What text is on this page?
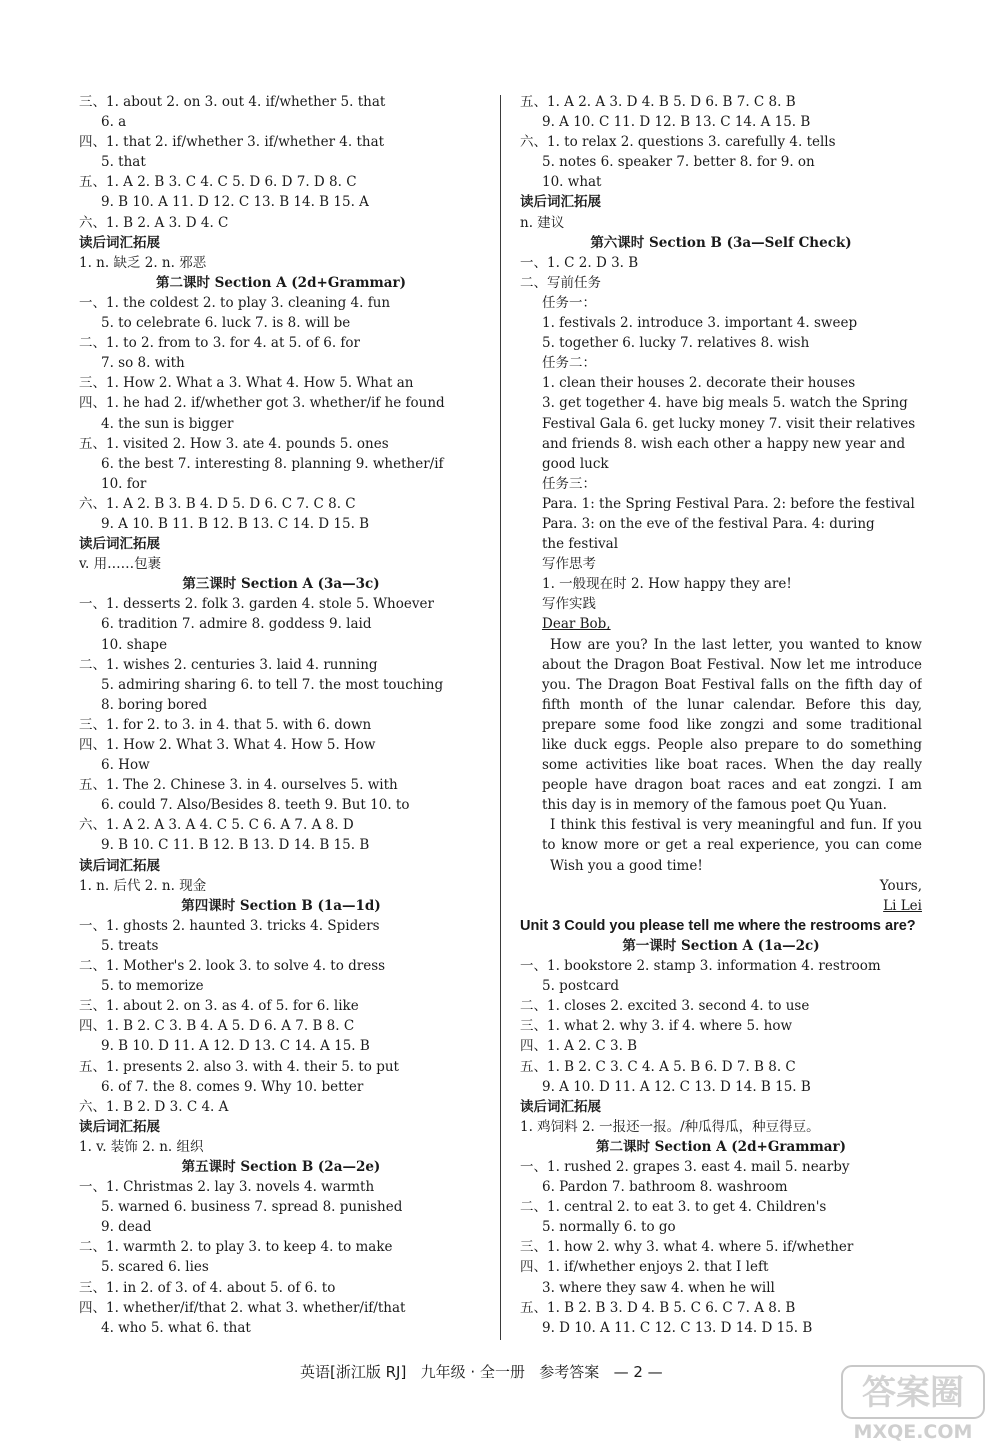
三、1. about 2. on 3. out 4. if/whether 5. that
6. a
四、1. that 2. if/whether 3. if/whether 4. that
5. that
五、1. A 2. B 3. C 4. C 5. D 6. D 7. D 8. C
9. B 10. A 11. D 12. C 13. B 14. B 15. A
六、1. B 2. A 3. D 4. C
读后词汇拓展
1. n. 缺乏 2. n. 邪恶
第二课时 Section A (2d+Grammar)
一、1. the coldest 2. to play 3. cleaning 4. fun
5. to celebrate 6. luck 7. is 8. will be
二、1. to 2. from to 3. for 4. at 5. of 6. for
7. so 8. with
三、1. How 2. What a 3. What 4. How 5. What an
四、1. he had 2. if/whether got 3. whether/if he found
4. the sun is bigger
五、1. visited 2. How 3. ate 4. pounds 5. ones
6. the best 7. interesting 8. planning 9. whether/if
10. for
六、1. A 2. B 3. B 4. D 5. D 6. C 7. C 8. C
9. A 10. B 11. B 12. B 13. C 14. D 15. B
读后词汇拓展
v. 用……包裹
第三课时 Section A (3a—3c)
一、1. desserts 2. folk 3. garden 4. stole 5. Whoever
6. tradition 7. admire 8. goddess 9. laid
10. shape
二、1. wishes 2. centuries 3. laid 4. running
5. admiring sharing 6. to tell 7. the most touching
8. boring bored
三、1. for 2. to 3. in 4. that 5. with 6. down
四、1. How 2. What 3. What 4. How 5. How
6. How
五、1. The 2. Chinese 3. in 4. ourselves 5. with
6. could 7. Also/Besides 8. teeth 9. But 10. to
六、1. A 2. A 3. A 4. C 5. C 6. A 7. A 8. D
9. B 10. C 11. B 12. B 13. D 14. B 15. B
读后词汇拓展
1. n. 后代 2. n. 现金
第四课时 Section B (1a—1d)
一、1. ghosts 2. haunted 3. tricks 4. Spiders
5. treats
二、1. Mother's 2. look 3. to solve 4. to dress
5. to memorize
三、1. about 2. on 3. as 4. of 5. for 6. like
四、1. B 2. C 3. B 4. A 5. D 6. A 7. B 8. C
9. B 10. D 11. A 12. D 13. C 14. A 15. B
五、1. presents 2. also 3. with 4. their 5. to put
6. of 7. the 8. comes 9. Why 10. better
六、1. B 2. D 3. C 4. A
读后词汇拓展
1. v. 装饰 2. n. 组织
第五课时 Section B (2a—2e)
一、1. Christmas 2. lay 3. novels 4. warmth
5. warned 6. business 7. spread 8. punished
9. dead
二、1. warmth 2. to play 3. to keep 4. to make
5. scared 6. lies
三、1. in 2. of 3. of 4. about 5. of 6. to
四、1. whether/if/that 2. what 3. whether/if/that
4. who 5. what 6. that
五、1. A 2. A 3. D 4. B 5. D 6. B 7. C 8. B
9. A 10. C 11. D 12. B 13. C 14. A 15. B
六、1. to relax 2. questions 3. carefully 4. tells
5. notes 6. speaker 7. better 8. for 9. on
10. what
读后词汇拓展
n. 建议
第六课时 Section B (3a—Self Check)
一、1. C 2. D 3. B
二、写前任务
任务一：
1. festivals 2. introduce 3. important 4. sweep
5. together 6. lucky 7. relatives 8. wish
任务二：
1. clean their houses 2. decorate their houses
3. get together 4. have big meals 5. watch the Spring
Festival Gala 6. get lucky money 7. visit their relatives
and friends 8. wish each other a happy new year and
good luck
任务三：
Para. 1: the Spring Festival Para. 2: before the festival
Para. 3: on the eve of the festival Para. 4: during
the festival
写作思考
1. 一般现在时 2. How happy they are!
写作实践
Dear Bob,
How are you? In the last letter, you wanted to know
about the Dragon Boat Festival. Now let me introduce
you. The Dragon Boat Festival falls on the fifth day of
fifth month of the lunar calendar. Before this day,
prepare some food like zongzi and some traditional
like duck eggs. People also prepare to do something
some activities like boat races. When the day really
people have dragon boat races and eat zongzi. I am
this day is in memory of the famous poet Qu Yuan.
I think this festival is very meaningful and fun. If you
to know more or get a real experience, you can come
Wish you a good time!
Yours,
Li Lei
Unit 3 Could you please tell me where the restrooms are?
第一课时 Section A (1a—2c)
一、1. bookstore 2. stamp 3. information 4. restroom
5. postcard
二、1. closes 2. excited 3. second 4. to use
三、1. what 2. why 3. if 4. where 5. how
四、1. A 2. C 3. B
五、1. B 2. C 3. C 4. A 5. B 6. D 7. B 8. C
9. A 10. D 11. A 12. C 13. D 14. B 15. B
读后词汇拓展
1. 鸡饲料 2. 一报还一报。/种瓜得瓜，种豆得豆。
第二课时 Section A (2d+Grammar)
一、1. rushed 2. grapes 3. east 4. mail 5. nearby
6. Pardon 7. bathroom 8. washroom
二、1. central 2. to eat 3. to get 4. Children's
5. normally 6. to go
三、1. how 2. why 3. what 4. where 5. if/whether
四、1. if/whether enjoys 2. that I left
3. where they saw 4. when he will
五、1. B 2. B 3. D 4. B 5. C 6. C 7. A 8. B
9. D 10. A 11. C 12. C 13. D 14. D 15. B
英语[浙江版 RJ] 九年级 · 全一册 参考答案 — 2 —
答案圈
MXQE.COM
